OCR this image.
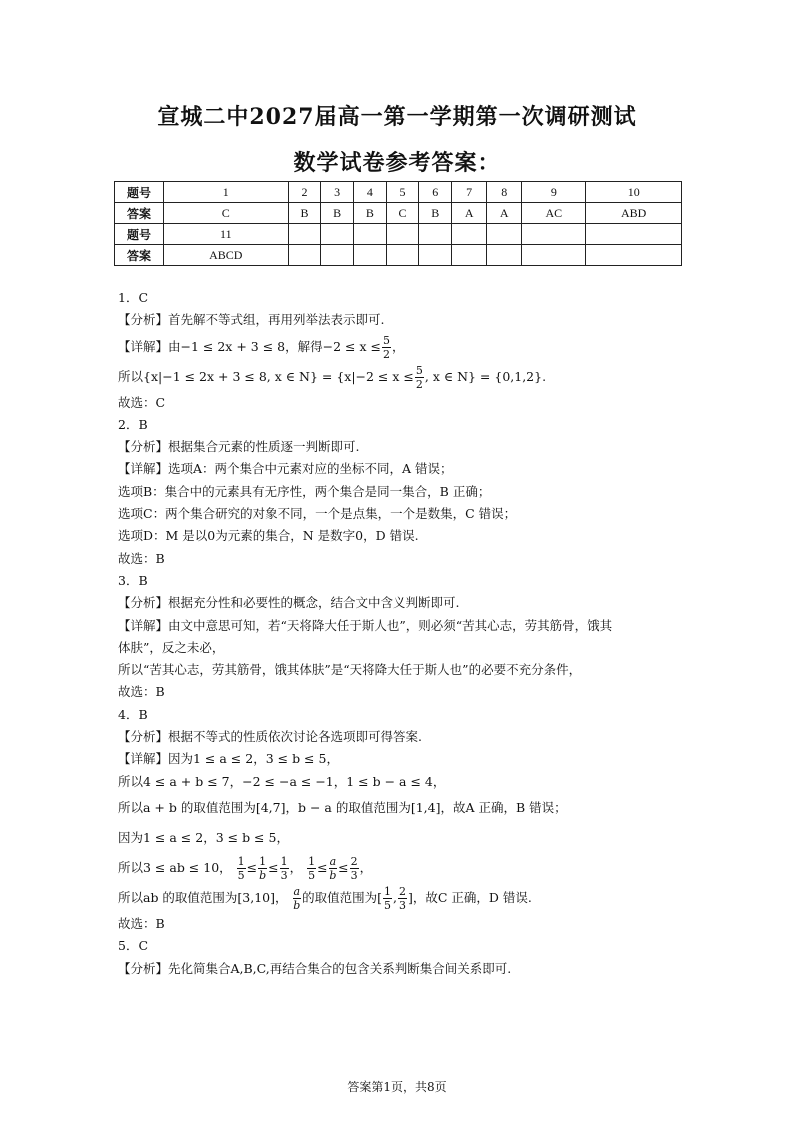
宣城二中2027届高一第一学期第一次调研测试
数学试卷参考答案：
题号	1	2	3	4	5	6	7	8	9	10
答案	C	B	B	B	C	B	A	A	AC	ABD
题号	11									
答案	ABCD									
1．C
【分析】首先解不等式组，再用列举法表示即可.
【详解】由−1 ≤ 2x + 3 ≤ 8，解得$-2 \le x \le \frac{5}{2}$ ，
所以{x|−1 ≤ 2x + 3 ≤ 8, x ∈ $N\} = \{x|-2 \le x \le \frac{5}{2}$ , x ∈ N} = {0,1,2}.
故选：C
2．B
【分析】根据集合元素的性质逐一判断即可.
【详解】选项A：两个集合中元素对应的坐标不同，A 错误；
选项B：集合中的元素具有无序性，两个集合是同一集合，B 正确；
选项C：两个集合研究的对象不同，一个是点集，一个是数集，C 错误；
选项D：M 是以0为元素的集合，N 是数字0，D 错误.
故选：B
3．B
【分析】根据充分性和必要性的概念，结合文中含义判断即可.
【详解】由文中意思可知，若“天将降大任于斯人也”，则必须“苦其心志，劳其筋骨，饿其
体肤”，反之未必，
所以“苦其心志，劳其筋骨，饿其体肤”是“天将降大任于斯人也”的必要不充分条件，
故选：B
4．B
【分析】根据不等式的性质依次讨论各选项即可得答案.
【详解】因为1 ≤ a ≤ 2，3 ≤ b ≤ 5，
所以4 ≤ a + b ≤ 7，−2 ≤ −a ≤ −1，1 ≤ b − a ≤ 4，
所以a + b 的取值范围为[4,7]，b − a 的取值范围为[1,4]，故A 正确，B 错误；
因为1 ≤ a ≤ 2，3 ≤ b ≤ 5，
所以3 ≤ ab ≤ 10， $\frac{1}{5} \le \frac{1}{b} \le \frac{1}{3}$ ， $\frac{1}{5} \le \frac{a}{b} \le \frac{2}{3}$ ，
所以ab 的取值范围为[3,10]， $\frac{a}{b}$ 的取值范围为[ $\frac{1}{5}$ , $\frac{2}{3}$ ]，故C 正确，D 错误.
故选：B
5．C
【分析】先化简集合A,B,C,再结合集合的包含关系判断集合间关系即可.
答案第1页，共8页
